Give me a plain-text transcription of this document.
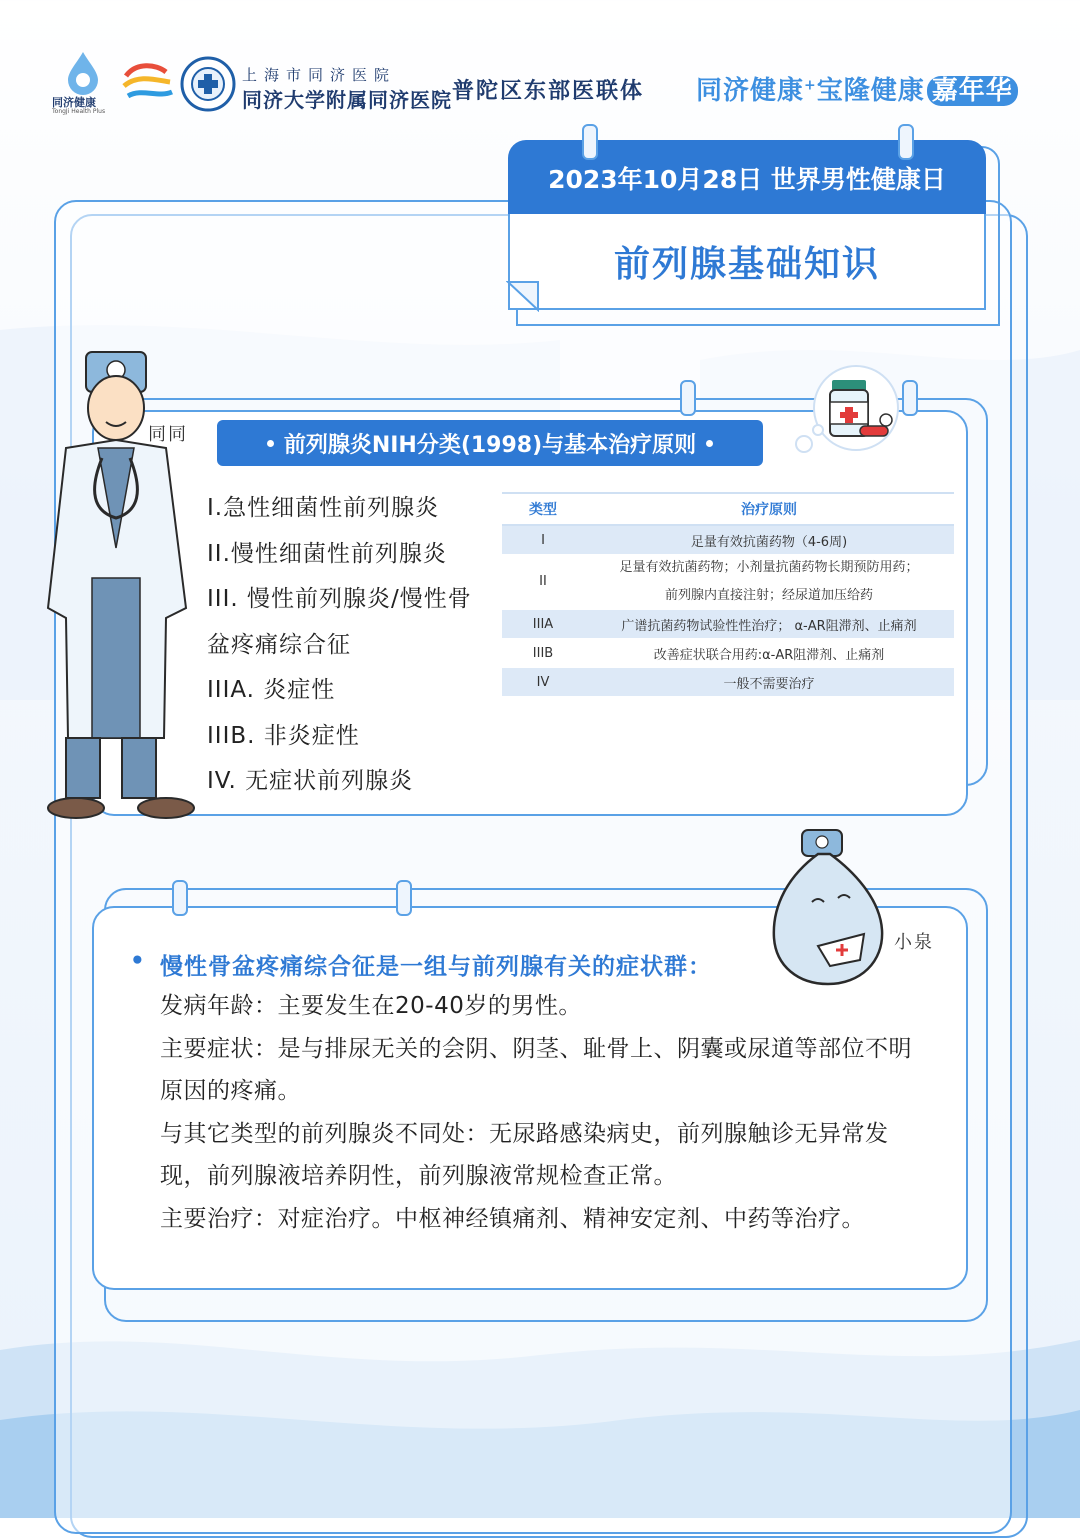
同济健康
TongJi Health Plus
上海市同济医院
同济大学附属同济医院 普陀区东部医联体 同济健康+宝隆健康 嘉年华
2023年10月28日 世界男性健康日
前列腺基础知识
同同	前列腺炎NIH分类(1998)与基本治疗原则
I.急性细菌性前列腺炎
II.慢性细菌性前列腺炎
III. 慢性前列腺炎/慢性骨
盆疼痛综合征
IIIA. 炎症性
IIIB. 非炎症性
IV. 无症状前列腺炎
类型	治疗原则
I	足量有效抗菌药物（4-6周)
II	足量有效抗菌药物；小剂量抗菌药物长期预防用药；
前列腺内直接注射；经尿道加压给药

IIIA	广谱抗菌药物试验性性治疗； α-AR阻滞剂、止痛剂
IIIB	改善症状联合用药:α-AR阻滞剂、止痛剂
IV	一般不需要治疗
小泉
• 慢性骨盆疼痛综合征是一组与前列腺有关的症状群：
发病年龄：主要发生在20-40岁的男性。
主要症状：是与排尿无关的会阴、阴茎、耻骨上、阴囊或尿道等部位不明
原因的疼痛。
与其它类型的前列腺炎不同处：无尿路感染病史，前列腺触诊无异常发
现，前列腺液培养阴性，前列腺液常规检查正常。
主要治疗：对症治疗。中枢神经镇痛剂、精神安定剂、中药等治疗。
